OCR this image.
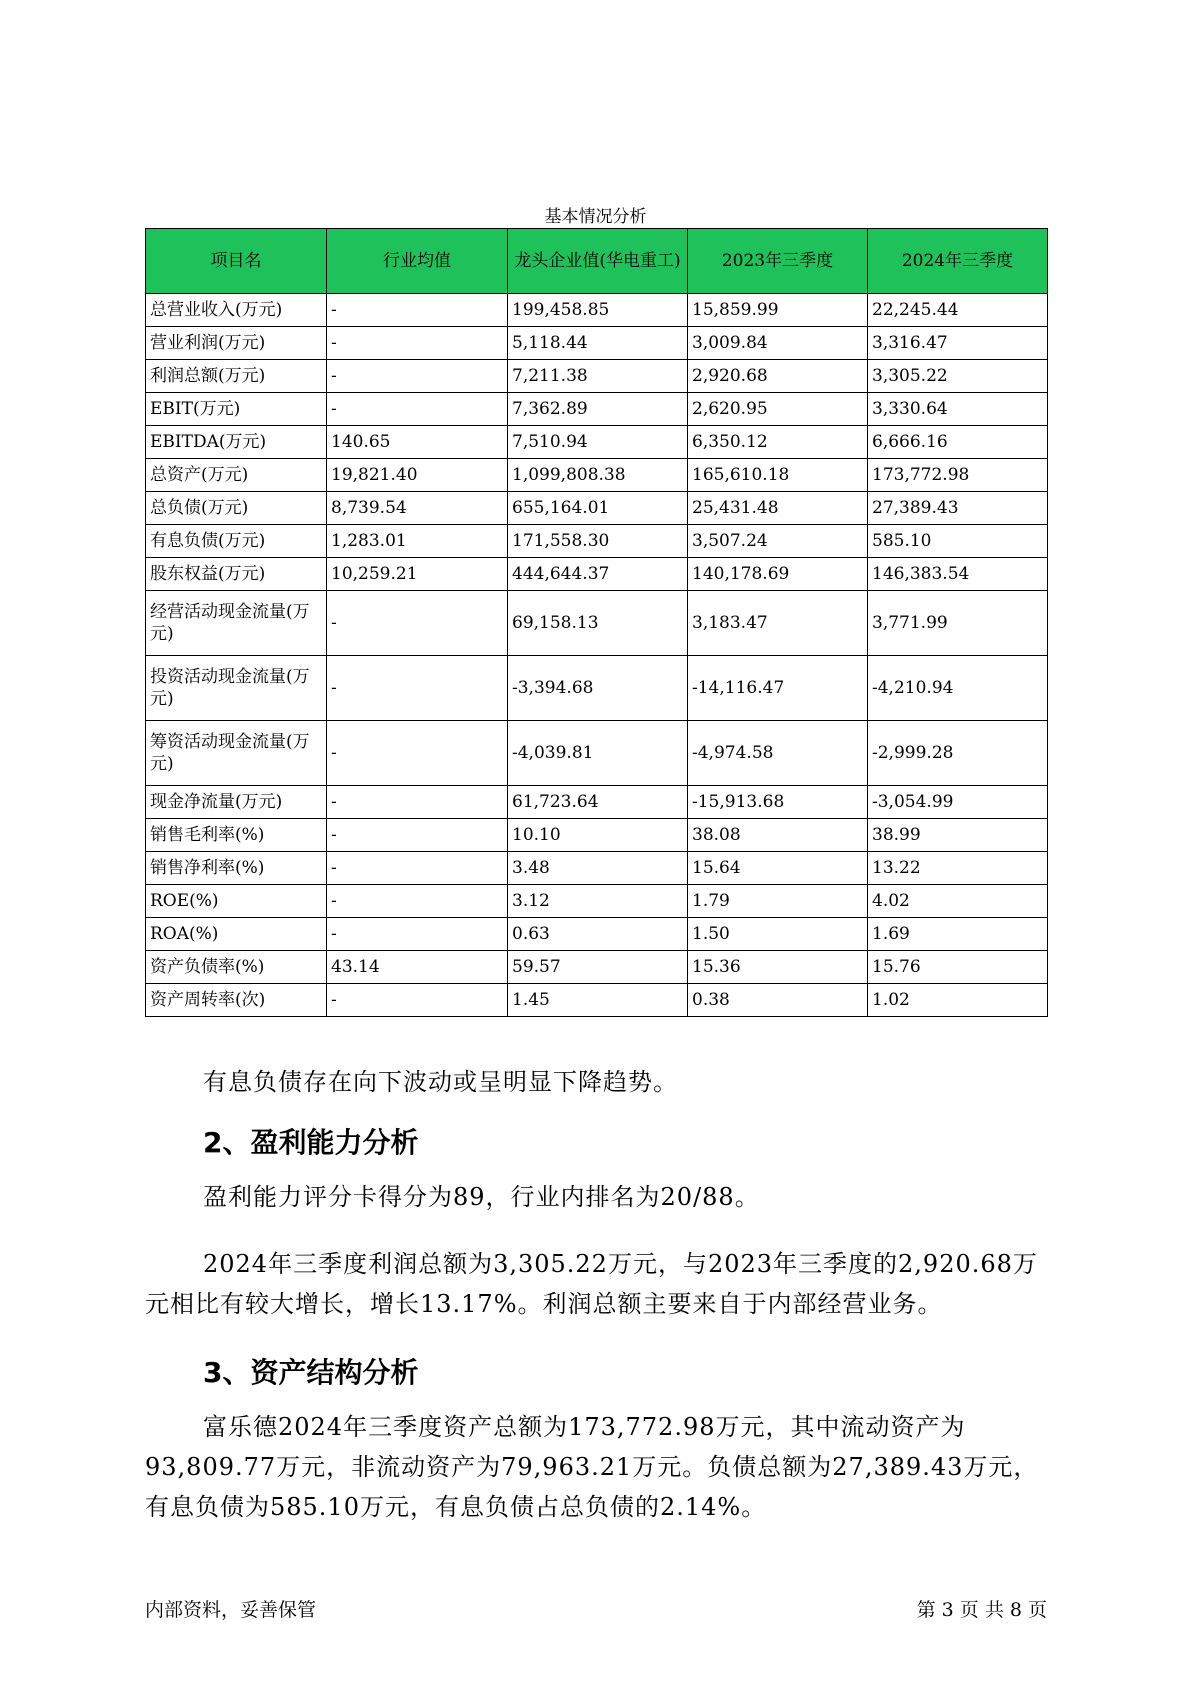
基本情况分析
项目名	行业均值	龙头企业值(华电重工)	2023年三季度	2024年三季度
总营业收入(万元)	-	199,458.85	15,859.99	22,245.44
营业利润(万元)	-	5,118.44	3,009.84	3,316.47
利润总额(万元)	-	7,211.38	2,920.68	3,305.22
EBIT(万元)	-	7,362.89	2,620.95	3,330.64
EBITDA(万元)	140.65	7,510.94	6,350.12	6,666.16
总资产(万元)	19,821.40	1,099,808.38	165,610.18	173,772.98
总负债(万元)	8,739.54	655,164.01	25,431.48	27,389.43
有息负债(万元)	1,283.01	171,558.30	3,507.24	585.10
股东权益(万元)	10,259.21	444,644.37	140,178.69	146,383.54
经营活动现金流量(万元)	-	69,158.13	3,183.47	3,771.99
投资活动现金流量(万元)	-	-3,394.68	-14,116.47	-4,210.94
筹资活动现金流量(万元)	-	-4,039.81	-4,974.58	-2,999.28
现金净流量(万元)	-	61,723.64	-15,913.68	-3,054.99
销售毛利率(%)	-	10.10	38.08	38.99
销售净利率(%)	-	3.48	15.64	13.22
ROE(%)	-	3.12	1.79	4.02
ROA(%)	-	0.63	1.50	1.69
资产负债率(%)	43.14	59.57	15.36	15.76
资产周转率(次)	-	1.45	0.38	1.02
有息负债存在向下波动或呈明显下降趋势。
2、盈利能力分析
盈利能力评分卡得分为89，行业内排名为20/88。
2024年三季度利润总额为3,305.22万元，与2023年三季度的2,920.68万元相比有较大增长，增长13.17%。利润总额主要来自于内部经营业务。
3、资产结构分析
富乐德2024年三季度资产总额为173,772.98万元，其中流动资产为93,809.77万元，非流动资产为79,963.21万元。负债总额为27,389.43万元，有息负债为585.10万元，有息负债占总负债的2.14%。
内部资料，妥善保管	第 3 页 共 8 页
